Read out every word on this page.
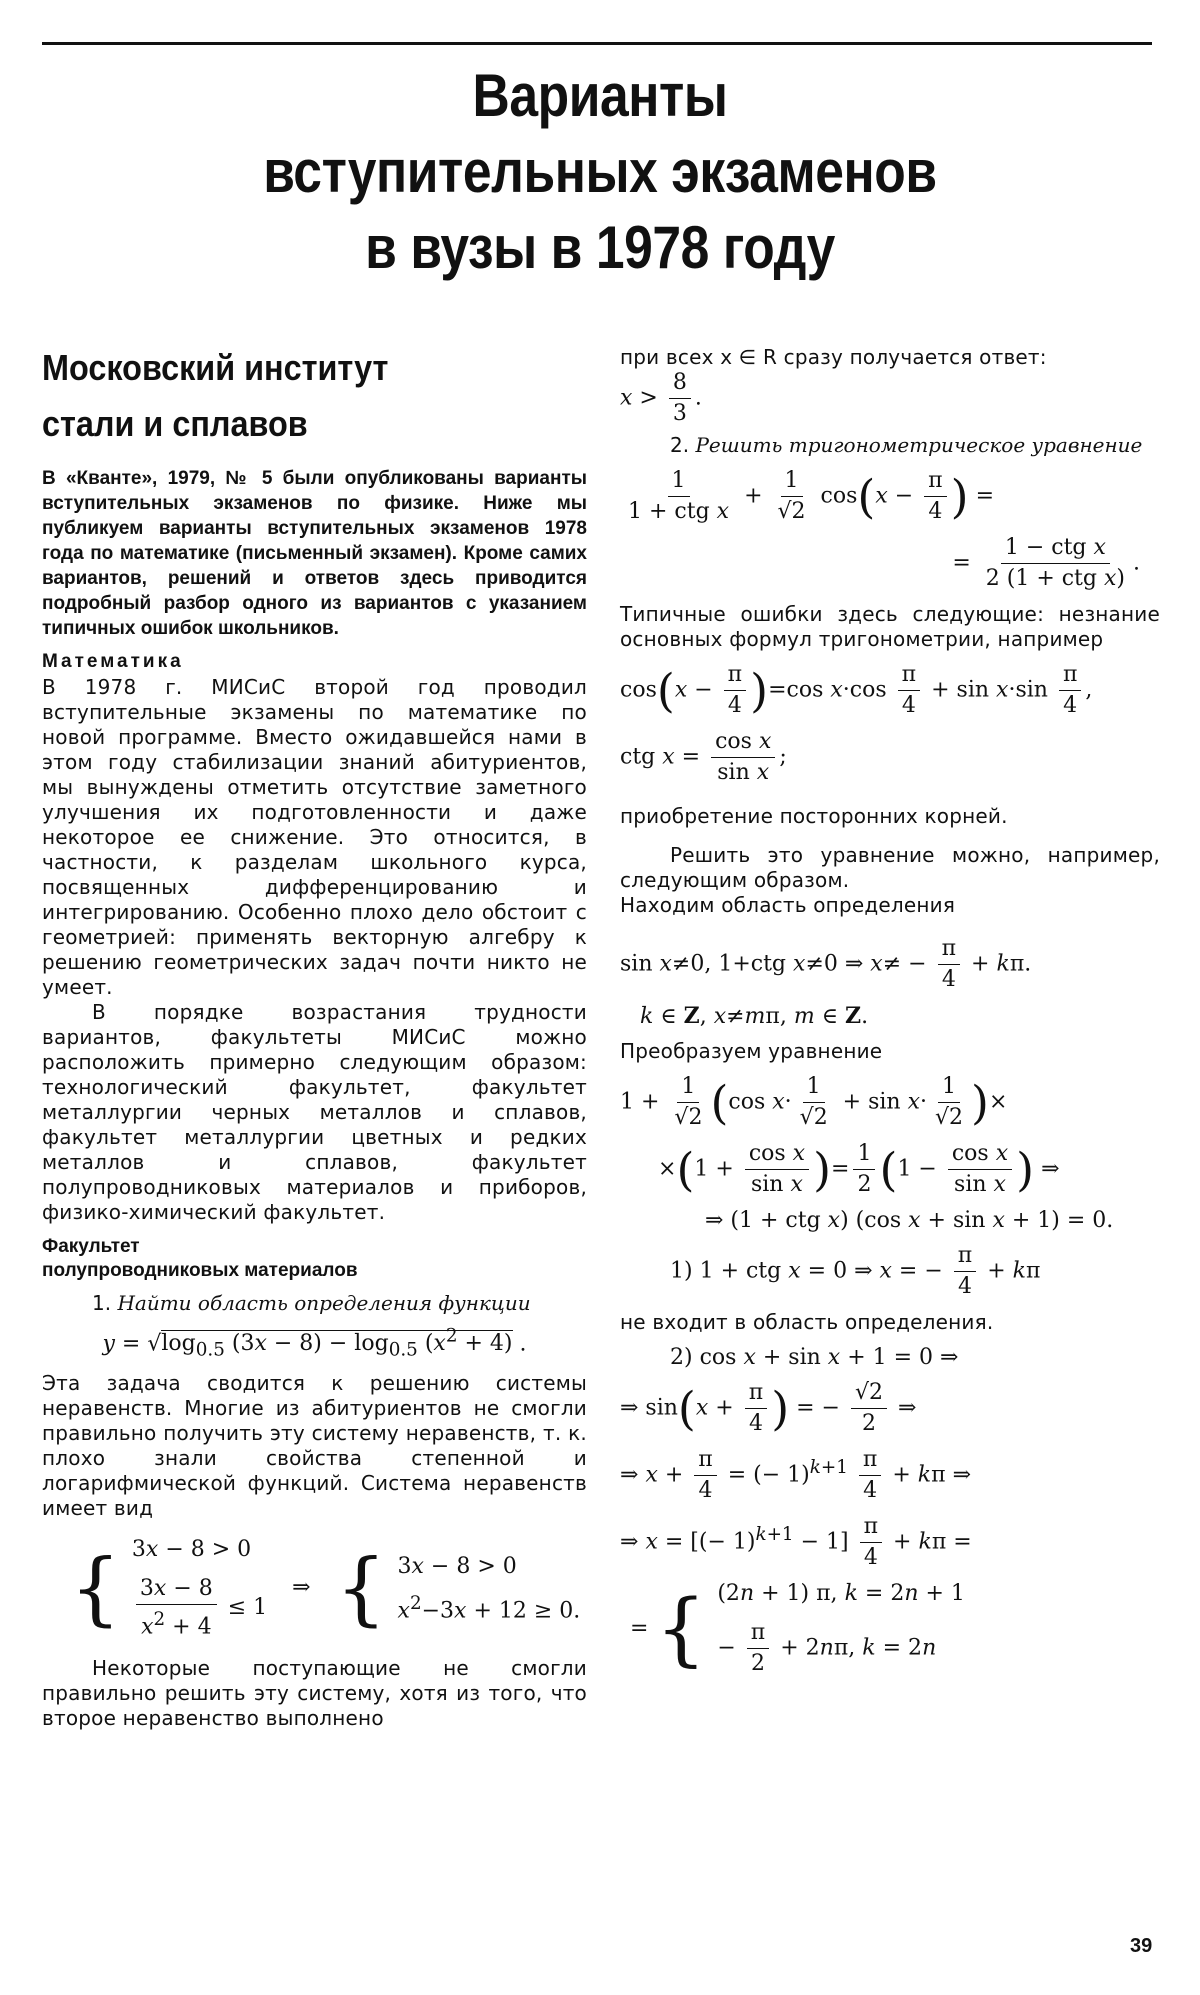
Варианты
вступительных экзаменов
в вузы в 1978 году
Московский институт
стали и сплавов

В «Кванте», 1979, № 5 были опубликованы варианты вступительных экзаменов по физике. Ниже мы публикуем варианты вступительных экзаменов 1978 года по математике (письменный экзамен). Кроме самих вариантов, решений и ответов здесь приводится подробный разбор одного из вариантов с указанием типичных ошибок школьников.

Математика

В 1978 г. МИСиС второй год проводил вступительные экзамены по математике по новой программе. Вместо ожидавшейся нами в этом году стабилизации знаний абитуриентов, мы вынуждены отметить отсутствие заметного улучшения их подготовленности и даже некоторое ее снижение. Это относится, в частности, к разделам школьного курса, посвященных дифференцированию и интегрированию. Особенно плохо дело обстоит с геометрией: применять векторную алгебру к решению геометрических задач почти никто не умеет.

В порядке возрастания трудности вариантов, факультеты МИСиС можно расположить примерно следующим образом: технологический факультет, факультет металлургии черных металлов и сплавов, факультет металлургии цветных и редких металлов и сплавов, факультет полупроводниковых материалов и приборов, физико-химический факультет.

Факультет
полупроводниковых материалов

1. Найти область определения функции

$y = √\log_{0.5}$ $(3x - 8) - \log_{0.5} (x^2 + 4)$ .

Эта задача сводится к решению системы неравенств. Многие из абитуриентов не смогли правильно получить эту систему неравенств, т. к. плохо знали свойства степенной и логарифмической функций. Система неравенств имеет вид

{ 3x − 8 > 0
$\frac{3x - 8}{x^2 + 4} \le 1$
⇒ { 3x − 8 > 0
$x^2-3x + 12 \ge 0$.

Некоторые поступающие не смогли правильно решить эту систему, хотя из того, что второе неравенство выполнено

при всех x ∈ R сразу получается ответ:

$x > \frac{8}{3}$ .

2. Решить тригонометрическое уравнение

$\frac{1}{\text{1 + ctg x}} + \frac{1}{√2} \cos(x - \frac{\pi}{4}$ ) =
= $\frac{\text{1 − ctg x}}{\text{2 (1 + ctg x)}}$ .

Типичные ошибки здесь следующие: незнание основных формул тригонометрии, например

$\cos(x - \frac{\pi}{4} )=\cos$ $x\cdot\cos \frac{\pi}{4} + \sin x\cdot\sin \frac{\pi}{4}$ ,
ctg $x = \frac{\text{cos x}}{\text{sin x}}$ ;

приобретение посторонних корней.

Решить это уравнение можно, например, следующим образом.

Находим область определения

sin x≠0, 1+ctg x≠0 ⇒ $x\ne - \frac{\pi}{4} + k\pi$.
k ∈ Z, x≠mπ, m ∈ Z.

Преобразуем уравнение

$1 + \frac{1}{√2} (\cos$ $x\cdot \frac{1}{√2} + \sin x\cdot \frac{1}{√2}$ )×
$\times(1 + \frac{\text{cos x}}{\text{sin x}}$ )= $\frac{1}{2} (1 - \frac{\text{cos x}}{\text{sin x}}$ ) ⇒
⇒ (1 + ctg x) (cos x + sin x + 1) = 0.
1) 1 + ctg x = 0 ⇒ x = − $\frac{\pi}{4} + k\pi$

не входит в область определения.

2) cos x + sin x + 1 = 0 ⇒
⇒ $\sin(x + \frac{\pi}{4}$ ) = − $\frac{√2}{2}$ ⇒
⇒ $x + \frac{\pi}{4}$ = (− $1)^{k+1} \frac{\pi}{4} + k\pi$ ⇒
⇒ x = [(− $1)^{k+1} - 1] \frac{\pi}{4} + k\pi$ =
= { (2n + 1) π, k = 2n + 1
− $\frac{\pi}{2} + 2n\pi$, k = 2n
39
